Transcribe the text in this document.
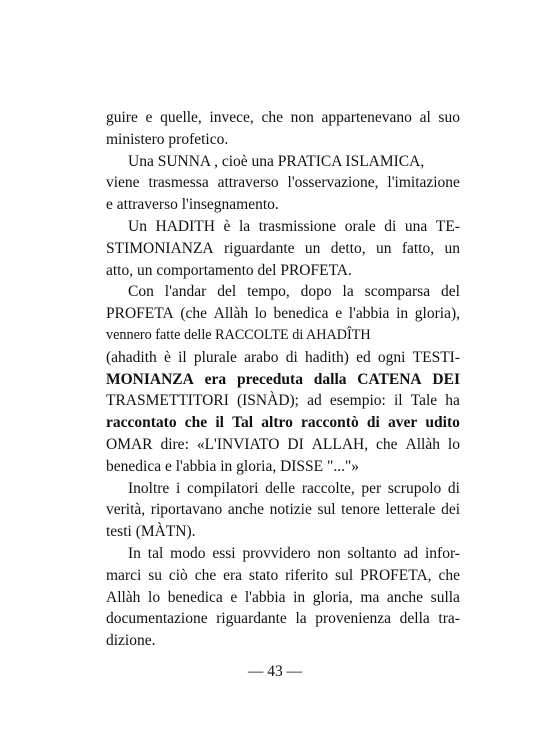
guire e quelle, invece, che non appartenevano al suo
ministero profetico.
Una SUNNA , cioè una PRATICA ISLAMICA,
viene trasmessa attraverso l'osservazione, l'imitazione
e attraverso l'insegnamento.
Un HADITH è la trasmissione orale di una TE-
STIMONIANZA riguardante un detto, un fatto, un
atto, un comportamento del PROFETA.
Con l'andar del tempo, dopo la scomparsa del
PROFETA (che Allàh lo benedica e l'abbia in gloria),
vennero fatte delle RACCOLTE di AHADÎTH
(ahadith è il plurale arabo di hadith) ed ogni TESTI-
MONIANZA era preceduta dalla CATENA DEI
TRASMETTITORI (ISNÀD); ad esempio: il Tale ha
raccontato che il Tal altro raccontò di aver udito
OMAR dire: «L'INVIATO DI ALLAH, che Allàh lo
benedica e l'abbia in gloria, DISSE "..."»
Inoltre i compilatori delle raccolte, per scrupolo di
verità, riportavano anche notizie sul tenore letterale dei
testi (MÀTN).
In tal modo essi provvidero non soltanto ad infor-
marci su ciò che era stato riferito sul PROFETA, che
Allàh lo benedica e l'abbia in gloria, ma anche sulla
documentazione riguardante la provenienza della tra-
dizione.
— 43 —
